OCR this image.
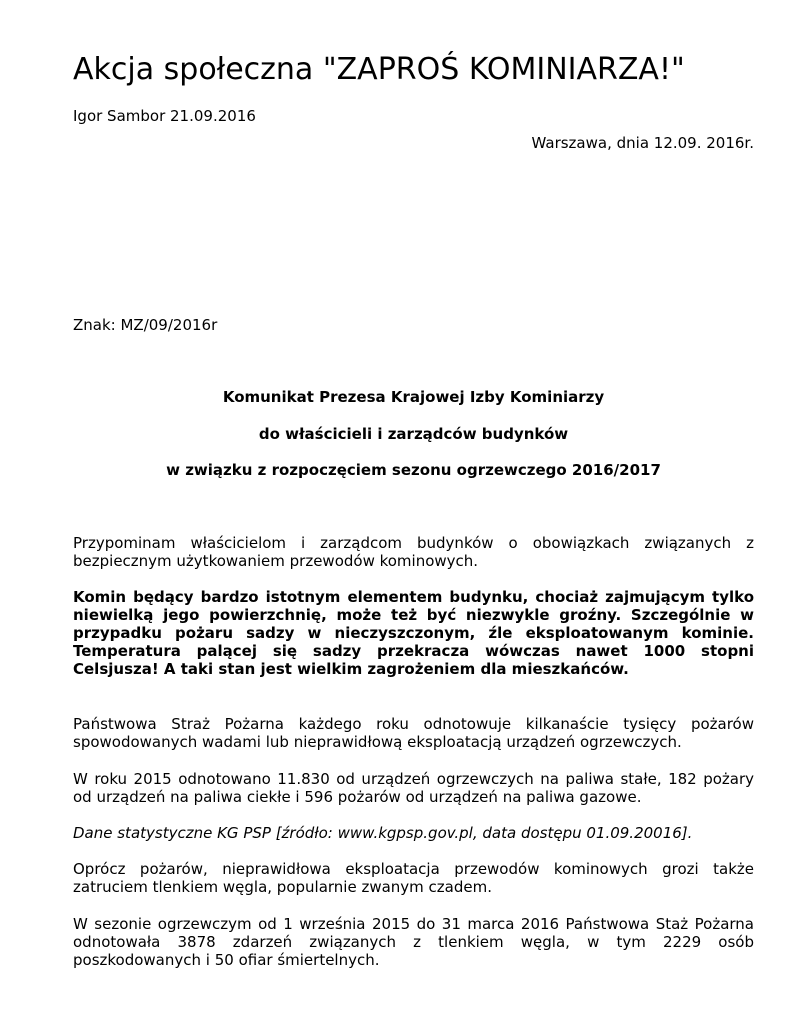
Akcja społeczna "ZAPROŚ KOMINIARZA!"
Igor Sambor 21.09.2016
Warszawa, dnia 12.09. 2016r.
Znak: MZ/09/2016r
Komunikat Prezesa Krajowej Izby Kominiarzy
do właścicieli i zarządców budynków
w związku z rozpoczęciem sezonu ogrzewczego 2016/2017

Przypominam właścicielom i zarządcom budynków o obowiązkach związanych z bezpiecznym użytkowaniem przewodów kominowych.

Komin będący bardzo istotnym elementem budynku, chociaż zajmującym tylko niewielką jego powierzchnię, może też być niezwykle groźny. Szczególnie w przypadku pożaru sadzy w nieczyszczonym, źle eksploatowanym kominie. Temperatura palącej się sadzy przekracza wówczas nawet 1000 stopni Celsjusza! A taki stan jest wielkim zagrożeniem dla mieszkańców.

Państwowa Straż Pożarna każdego roku odnotowuje kilkanaście tysięcy pożarów spowodowanych wadami lub nieprawidłową eksploatacją urządzeń ogrzewczych.

W roku 2015 odnotowano 11.830 od urządzeń ogrzewczych na paliwa stałe, 182 pożary od urządzeń na paliwa ciekłe i 596 pożarów od urządzeń na paliwa gazowe.

Dane statystyczne KG PSP [źródło: www.kgpsp.gov.pl, data dostępu 01.09.20016].

Oprócz pożarów, nieprawidłowa eksploatacja przewodów kominowych grozi także zatruciem tlenkiem węgla, popularnie zwanym czadem.

W sezonie ogrzewczym od 1 września 2015 do 31 marca 2016 Państwowa Staż Pożarna odnotowała 3878 zdarzeń związanych z tlenkiem węgla, w tym 2229 osób poszkodowanych i 50 ofiar śmiertelnych.
